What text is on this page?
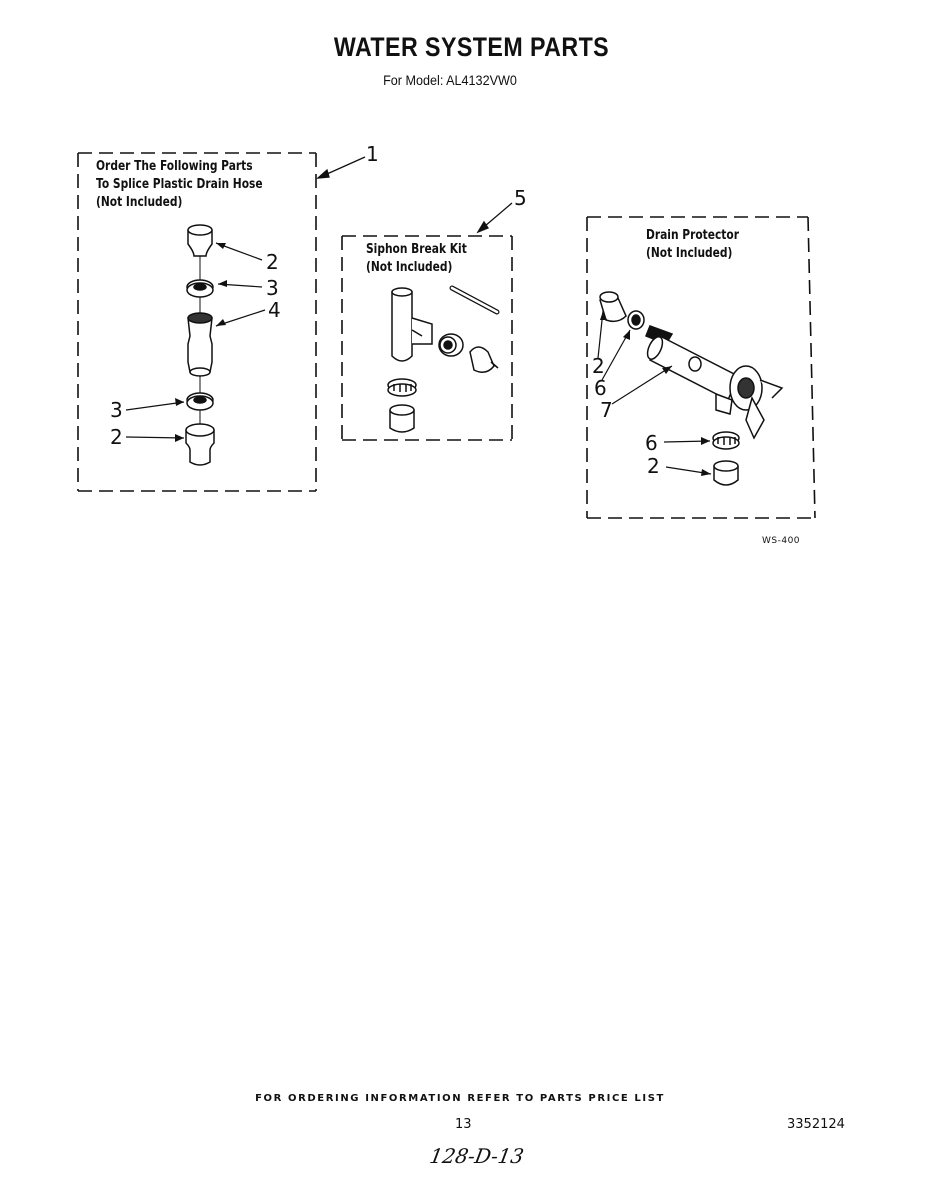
WATER SYSTEM PARTS
For Model: AL4132VW0
Order The Following Parts
To Splice Plastic Drain Hose
(Not Included)
Siphon Break Kit
(Not Included)
Drain Protector
(Not Included)
1
2
3
4
3
2
5
2
6
7
6
2
WS-400
FOR ORDERING INFORMATION REFER TO PARTS PRICE LIST
13	3352124
128-D-13
